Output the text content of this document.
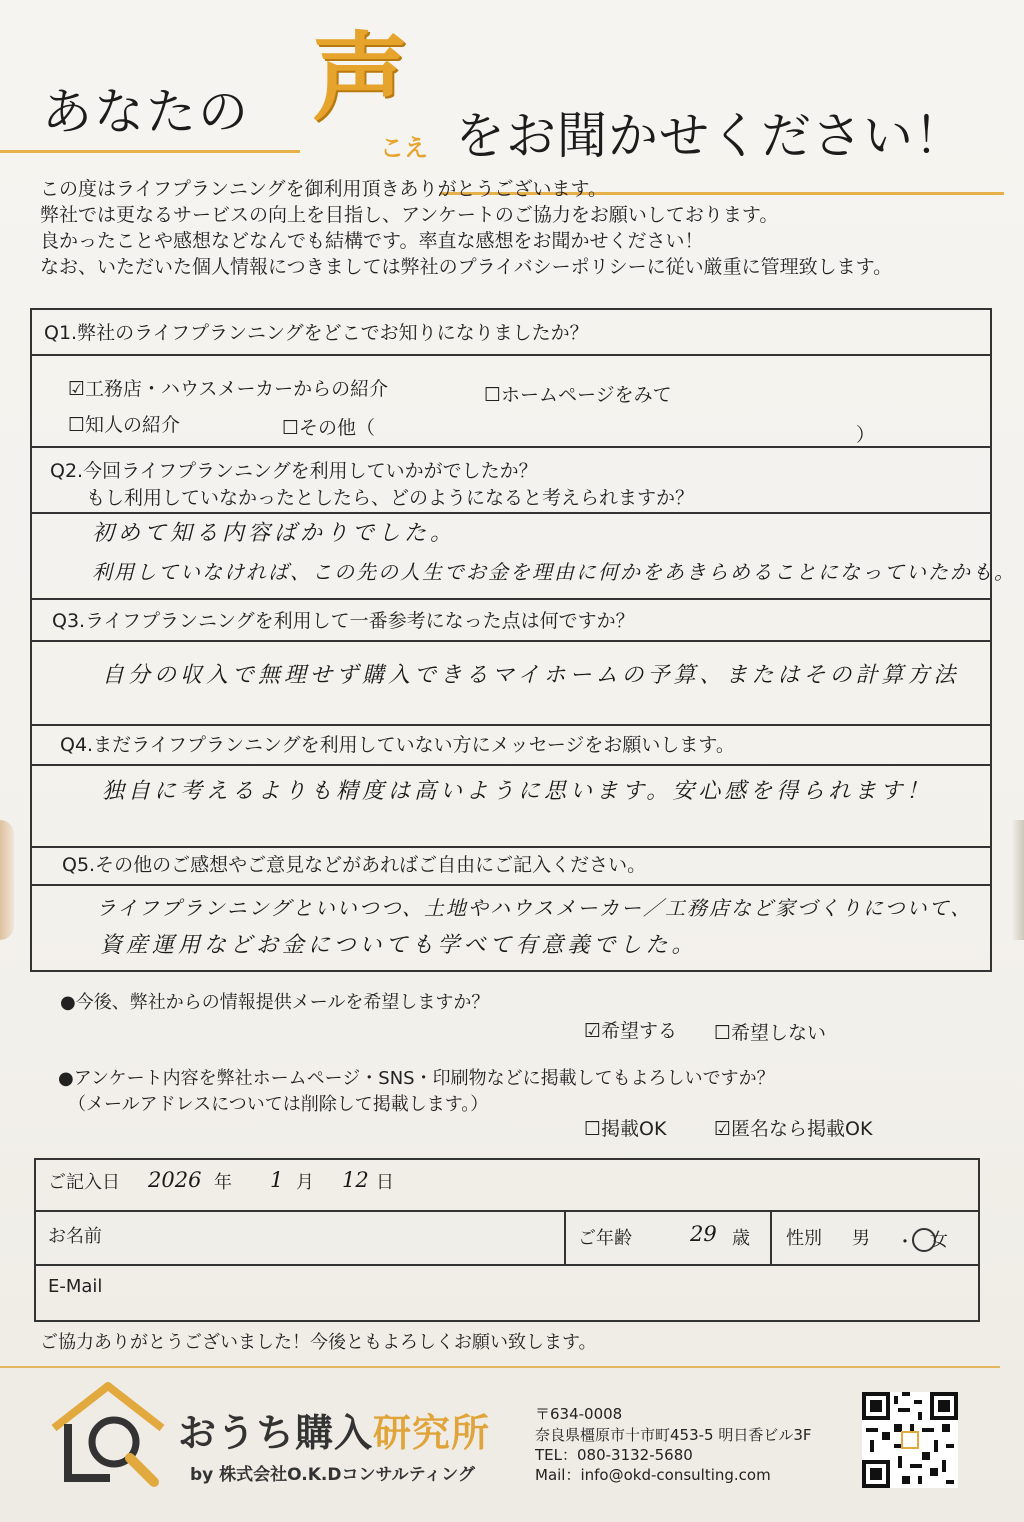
あなたの 声
こえ をお聞かせください！
この度はライフプランニングを御利用頂きありがとうございます。
弊社では更なるサービスの向上を目指し、アンケートのご協力をお願いしております。
良かったことや感想などなんでも結構です。率直な感想をお聞かせください！
なお、いただいた個人情報につきましては弊社のプライバシーポリシーに従い厳重に管理致します。
Q1.弊社のライフプランニングをどこでお知りになりましたか？
☑工務店・ハウスメーカーからの紹介	☐ホームページをみて
☐知人の紹介	☐その他（	）
Q2.今回ライフプランニングを利用していかがでしたか？
もし利用していなかったとしたら、どのようになると考えられますか？
初めて知る内容ばかりでした。
利用していなければ、この先の人生でお金を理由に何かをあきらめることになっていたかも。
Q3.ライフプランニングを利用して一番参考になった点は何ですか？
自分の収入で無理せず購入できるマイホームの予算、またはその計算方法
Q4.まだライフプランニングを利用していない方にメッセージをお願いします。
独自に考えるよりも精度は高いように思います。安心感を得られます！
Q5.その他のご感想やご意見などがあればご自由にご記入ください。
ライフプランニングといいつつ、土地やハウスメーカー／工務店など家づくりについて、
資産運用などお金についても学べて有意義でした。
●今後、弊社からの情報提供メールを希望しますか？
☑希望する ☐希望しない
●アンケート内容を弊社ホームページ・SNS・印刷物などに掲載してもよろしいですか？
（メールアドレスについては削除して掲載します。）
☐掲載OK	☑匿名なら掲載OK
ご記入日 2026 年 1 月 12 日
お名前	ご年齢	29 歳 性別 男 ・ 女
E-Mail
ご協力ありがとうございました！今後ともよろしくお願い致します。
おうち購入研究所
by 株式会社O.K.Dコンサルティング
〒634-0008
奈良県橿原市十市町453-5 明日香ビル3F
TEL：080-3132-5680
Mail：info@okd-consulting.com
